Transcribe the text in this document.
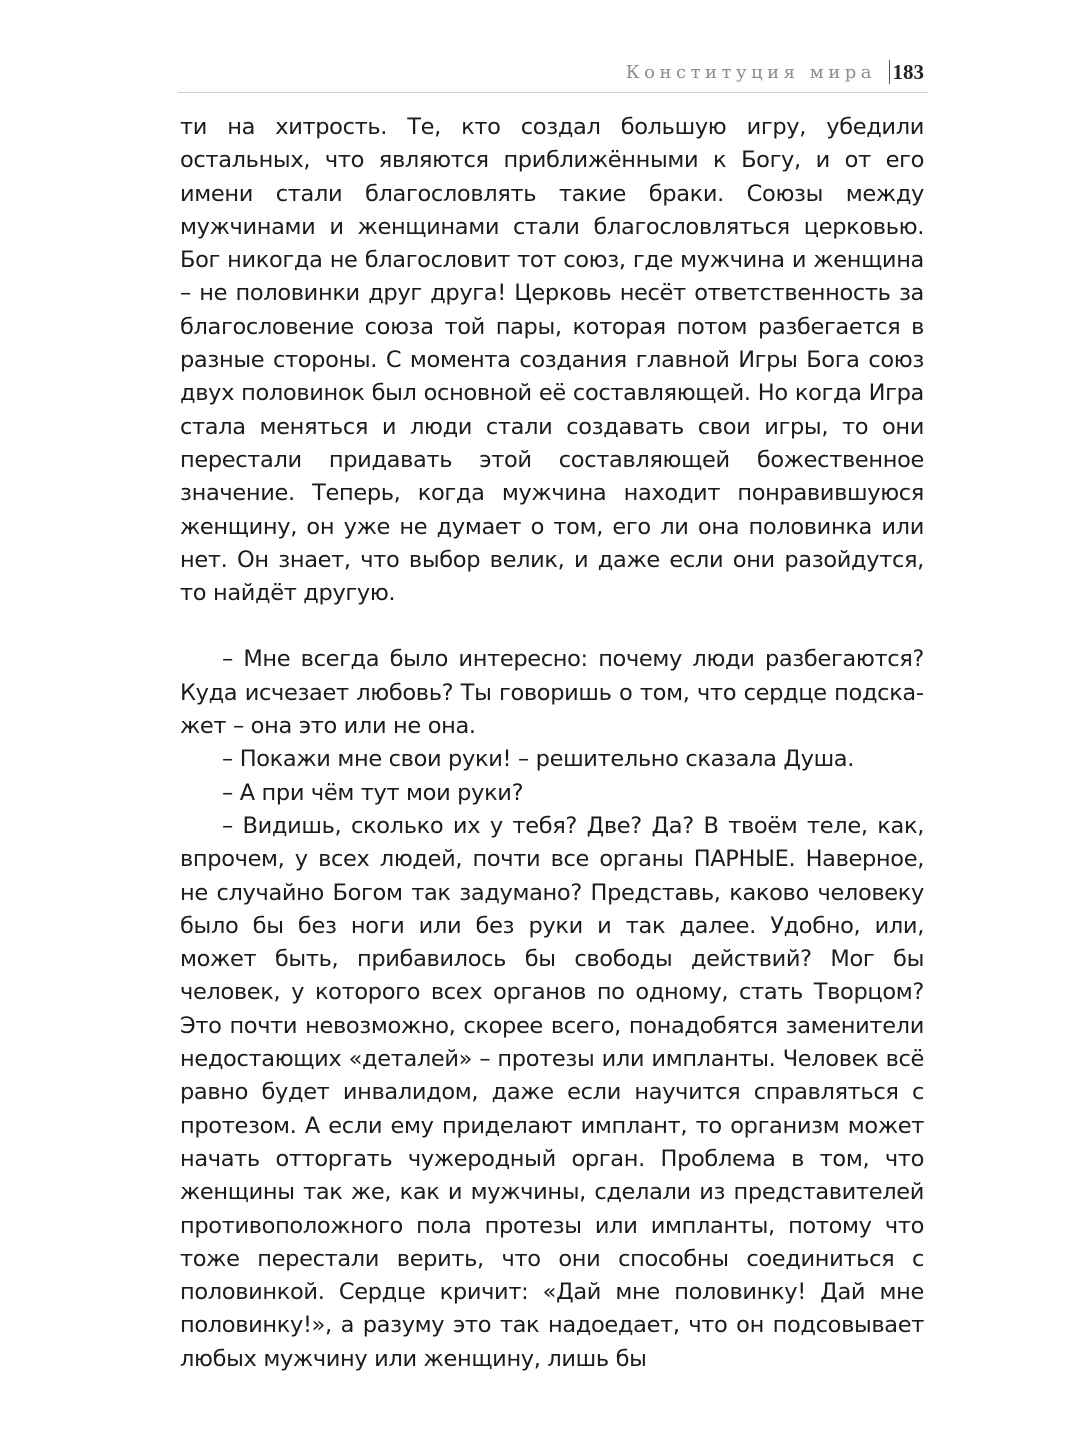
Конституция мира 183

ти на хитрость. Те, кто создал большую игру, убедили остальных, что являются приближёнными к Богу, и от его имени стали благословлять такие браки. Союзы между мужчинами и женщинами стали благословляться церковью. Бог никогда не благословит тот союз, где мужчина и женщина – не половинки друг друга! Церковь несёт ответственность за благословение союза той пары, которая потом разбегается в разные стороны. С момента создания главной Игры Бога союз двух половинок был основной её составляющей. Но когда Игра стала меняться и люди стали создавать свои игры, то они перестали придавать этой составляющей божественное значение. Теперь, когда мужчина находит понравившуюся женщину, он уже не думает о том, его ли она половинка или нет. Он знает, что выбор велик, и даже если они разойдутся, то найдёт другую.

– Мне всегда было интересно: почему люди разбегаются? Куда исчезает любовь? Ты говоришь о том, что сердце подскажет – она это или не она.

– Покажи мне свои руки! – решительно сказала Душа.

– А при чём тут мои руки?

– Видишь, сколько их у тебя? Две? Да? В твоём теле, как, впрочем, у всех людей, почти все органы ПАРНЫЕ. Наверное, не случайно Богом так задумано? Представь, каково человеку было бы без ноги или без руки и так далее. Удобно, или, может быть, прибавилось бы свободы действий? Мог бы человек, у которого всех органов по одному, стать Творцом? Это почти невозможно, скорее всего, понадобятся заменители недостающих «деталей» – протезы или импланты. Человек всё равно будет инвалидом, даже если научится справляться с протезом. А если ему приделают имплант, то организм может начать отторгать чужеродный орган. Проблема в том, что женщины так же, как и мужчины, сделали из представителей противоположного пола протезы или импланты, потому что тоже перестали верить, что они способны соединиться с половинкой. Сердце кричит: «Дай мне половинку! Дай мне половинку!», а разуму это так надоедает, что он подсовывает любых мужчину или женщину, лишь бы
